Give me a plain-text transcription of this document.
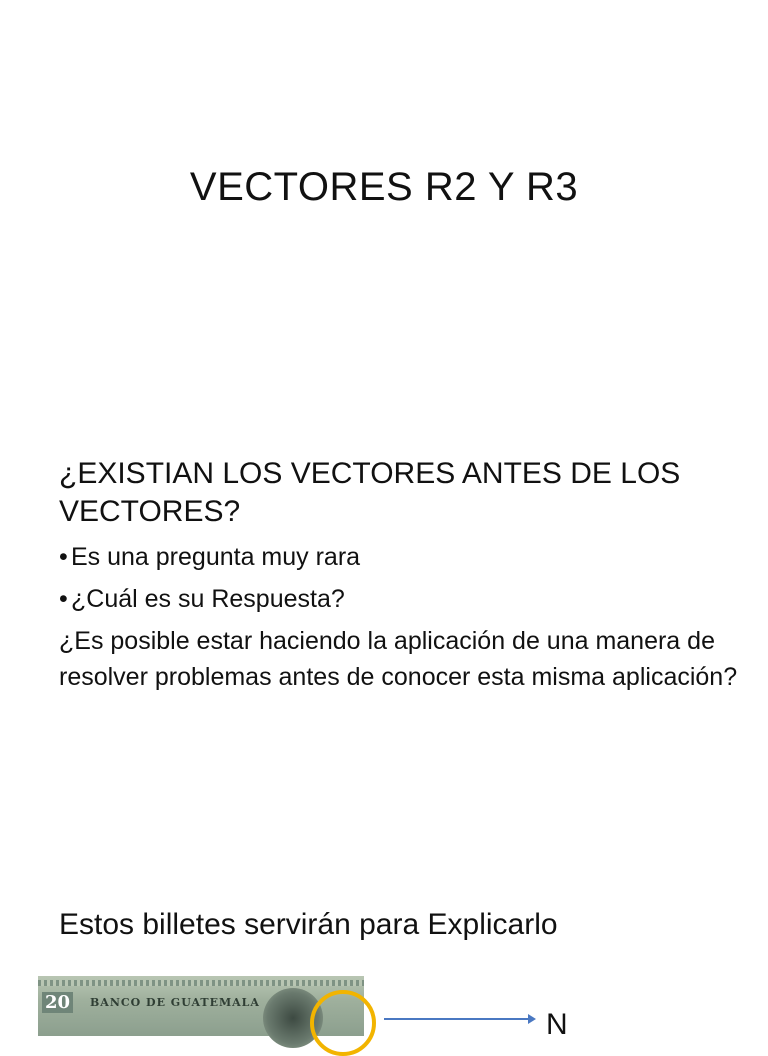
VECTORES R2 Y R3
¿EXISTIAN LOS VECTORES ANTES DE LOS VECTORES?
• Es una pregunta muy rara
• ¿Cuál es su Respuesta?
¿Es posible estar haciendo la aplicación de una manera de resolver problemas antes de conocer esta misma aplicación?
Estos billetes servirán para Explicarlo
20 BANCO DE GUATEMALA
N
